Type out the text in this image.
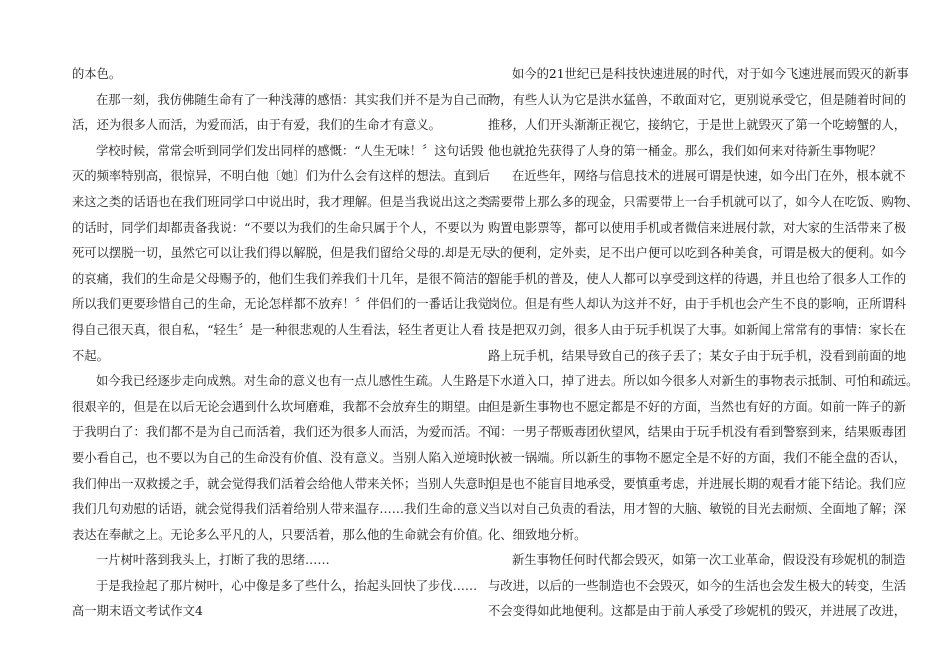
的本色。
在那一刻，我仿佛随生命有了一种浅薄的感悟：其实我们并不是为自己而
活，还为很多人而活，为爱而活，由于有爱，我们的生命才有意义。
学校时候，常常会听到同学们发出同样的感慨：“人生无味！〞这句话毁
灭的频率特别高，很惊异，不明白他〔她〕们为什么会有这样的想法。直到后
来这之类的话语也在我们班同学口中说出时，我才理解。但是当我说出这之类
的话时，同学们却都责备我说：“不要以为我们的生命只属于个人，不要以为
死可以摆脱一切，虽然它可以让我们得以解脱，但是我们留给父母的.却是无尽
的哀痛，我们的生命是父母赐予的，他们生我们养我们十几年，是很不简洁的。
所以我们更要珍惜自己的生命，无论怎样都不放弃！〞伴侣们的一番话让我觉
得自己很天真，很自私，“轻生〞是一种很悲观的人生看法，轻生者更让人看
不起。
如今我已经逐步走向成熟。对生命的意义也有一点儿感性生疏。人生路是
很艰辛的，但是在以后无论会遇到什么坎坷磨难，我都不会放弃生的期望。由
于我明白了：我们都不是为自己而活着，我们还为很多人而活，为爱而活。不
要小看自己，也不要以为自己的生命没有价值、没有意义。当别人陷入逆境时，
我们伸出一双救援之手，就会觉得我们活着会给他人带来关怀；当别人失意时，
我们几句劝慰的话语，就会觉得我们活着给别人带来温存……我们生命的意义
表达在奉献之上。无论多么平凡的人，只要活着，那么他的生命就会有价值。
一片树叶落到我头上，打断了我的思绪……
于是我捡起了那片树叶，心中像是多了些什么，抬起头回快了步伐……
高一期末语文考试作文4
如今的21世纪已是科技快速进展的时代，对于如今飞速进展而毁灭的新事
物，有些人认为它是洪水猛兽，不敢面对它，更别说承受它，但是随着时间的
推移，人们开头渐渐正视它，接纳它，于是世上就毁灭了第一个吃螃蟹的人，
他也就抢先获得了人身的第一桶金。那么，我们如何来对待新生事物呢？
在近些年，网络与信息技术的进展可谓是快速，如今出门在外，根本就不
需要带上那么多的现金，只需要带上一台手机就可以了，如今人在吃饭、购物、
购置电影票等，都可以使用手机或者微信来进展付款，对大家的生活带来了极
大的便利，定外卖，足不出户便可以吃到各种美食，可谓是极大的便利。如今
智能手机的普及，使人人都可以享受到这样的待遇，并且也给了很多人工作的
岗位。但是有些人却认为这并不好，由于手机也会产生不良的影响，正所谓科
技是把双刃剑，很多人由于玩手机误了大事。如新闻上常常有的事情：家长在
路上玩手机，结果导致自己的孩子丢了；某女子由于玩手机，没看到前面的地
下水道入口，掉了进去。所以如今很多人对新生的事物表示抵制、可怕和疏远。
但是新生事物也不愿定都是不好的方面，当然也有好的方面。如前一阵子的新
闻：一男子帮贩毒团伙望风，结果由于玩手机没有看到警察到来，结果贩毒团
伙被一锅端。所以新生的事物不愿定全是不好的方面，我们不能全盘的否认，
但是也不能盲目地承受，要慎重考虑，并进展长期的观看才能下结论。我们应
当以对自己负责的看法，用才智的大脑、敏锐的目光去耐烦、全面地了解；深
化、细致地分析。
新生事物任何时代都会毁灭，如第一次工业革命，假设没有珍妮机的制造
与改进，以后的一些制造也不会毁灭，如今的生活也会发生极大的转变，生活
不会变得如此地便利。这都是由于前人承受了珍妮机的毁灭，并进展了改进，
